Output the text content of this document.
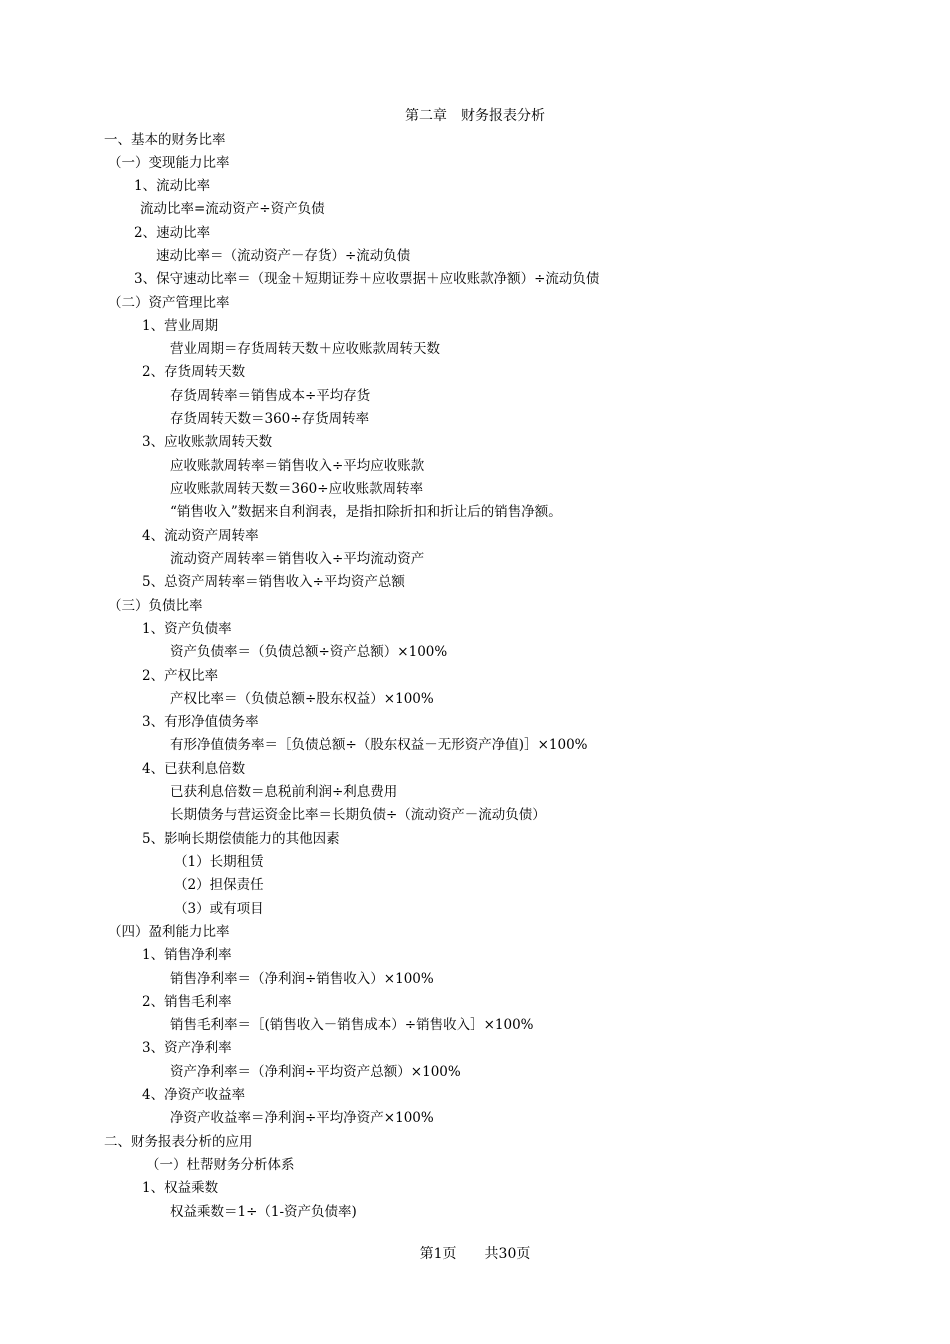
第二章　财务报表分析
一、基本的财务比率
（一）变现能力比率
1、流动比率
流动比率=流动资产÷资产负债
2、速动比率
速动比率＝（流动资产－存货）÷流动负债
3、保守速动比率＝（现金＋短期证券＋应收票据＋应收账款净额）÷流动负债
（二）资产管理比率
1、营业周期
营业周期＝存货周转天数＋应收账款周转天数
2、存货周转天数
存货周转率＝销售成本÷平均存货
存货周转天数＝360÷存货周转率
3、应收账款周转天数
应收账款周转率＝销售收入÷平均应收账款
应收账款周转天数＝360÷应收账款周转率
“销售收入”数据来自利润表，是指扣除折扣和折让后的销售净额。
4、流动资产周转率
流动资产周转率＝销售收入÷平均流动资产
5、总资产周转率＝销售收入÷平均资产总额
（三）负债比率
1、资产负债率
资产负债率＝（负债总额÷资产总额）×100%
2、产权比率
产权比率＝（负债总额÷股东权益）×100%
3、有形净值债务率
有形净值债务率＝［负债总额÷（股东权益－无形资产净值)］×100%
4、已获利息倍数
已获利息倍数＝息税前利润÷利息费用
长期债务与营运资金比率＝长期负债÷（流动资产－流动负债）
5、影响长期偿债能力的其他因素
（1）长期租赁
（2）担保责任
（3）或有项目
（四）盈利能力比率
1、销售净利率
销售净利率＝（净利润÷销售收入）×100%
2、销售毛利率
销售毛利率＝［(销售收入－销售成本）÷销售收入］×100%
3、资产净利率
资产净利率＝（净利润÷平均资产总额）×100%
4、净资产收益率
净资产收益率＝净利润÷平均净资产×100%
二、财务报表分析的应用
（一）杜帮财务分析体系
1、权益乘数
权益乘数＝1÷（1-资产负债率)
第1页　　共30页
